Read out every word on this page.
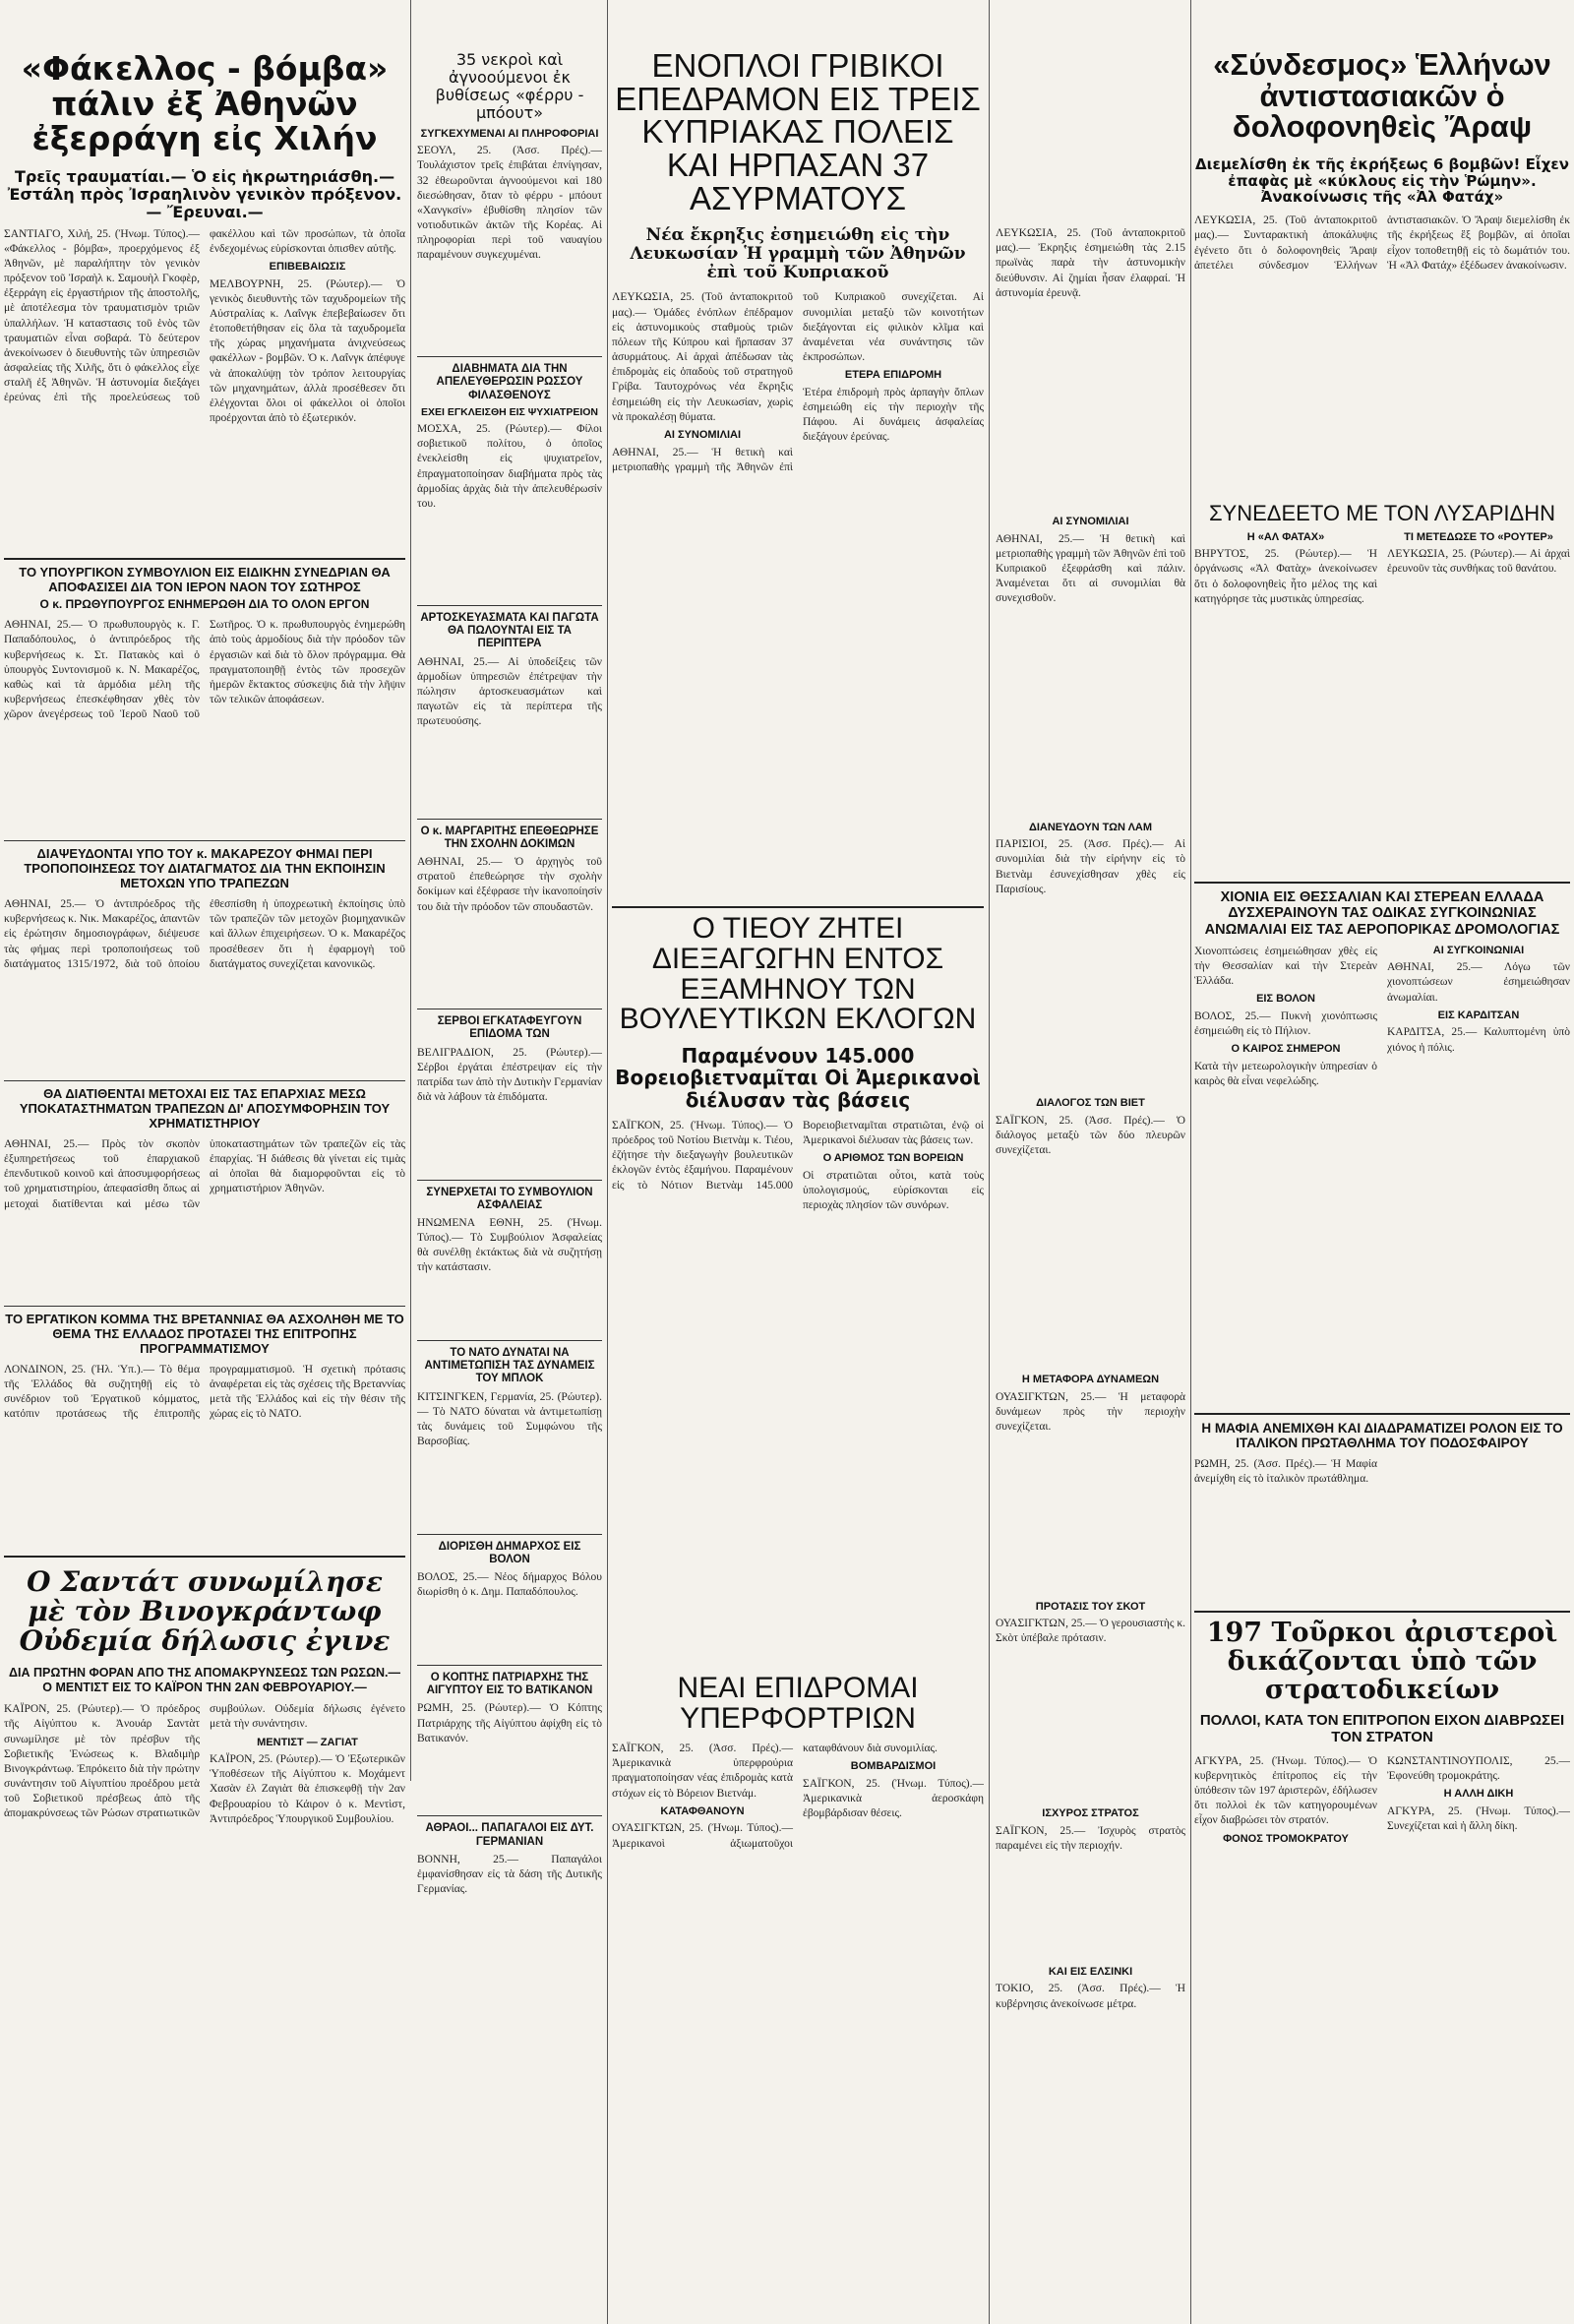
«Φάκελλος - βόμβα» πάλιν ἐξ Ἀθηνῶν ἐξερράγη εἰς Χιλήν

Τρεῖς τραυματίαι.— Ὁ εἰς ἡκρωτηριάσθη.— Ἐστάλη πρὸς Ἰσραηλινὸν γενικὸν πρόξενον.— Ἔρευναι.—

ΣΑΝΤΙΑΓΟ, Χιλή, 25. (Ἠνωμ. Τύπος).— «Φάκελλος - βόμβα», προερχόμενος ἐξ Ἀθηνῶν, μὲ παραλήπτην τὸν γενικὸν πρόξενον τοῦ Ἰσραὴλ κ. Σαμουὴλ Γκοφὲρ, ἐξερράγη εἰς ἐργαστήριον τῆς ἀποστολῆς, μὲ ἀποτέλεσμα τὸν τραυματισμὸν τριῶν ὑπαλλήλων. Ἡ καταστασις τοῦ ἑνὸς τῶν τραυματιῶν εἶναι σοβαρά. Τὸ δεύτερον ἀνεκοίνωσεν ὁ διευθυντὴς τῶν ὑπηρεσιῶν ἀσφαλείας τῆς Χιλῆς, ὅτι ὁ φάκελλος εἶχε σταλῆ ἐξ Ἀθηνῶν. Ἡ ἀστυνομία διεξάγει ἐρεύνας ἐπὶ τῆς προελεύσεως τοῦ φακέλλου καὶ τῶν προσώπων, τὰ ὁποῖα ἐνδεχομένως εὑρίσκονται ὀπισθεν αὐτῆς.

ΕΠΙΒΕΒΑΙΩΣΙΣ

ΜΕΛΒΟΥΡΝΗ, 25. (Ρώυτερ).— Ὁ γενικὸς διευθυντὴς τῶν ταχυδρομείων τῆς Αὐστραλίας κ. Λαΐνγκ ἐπεβεβαίωσεν ὅτι ἐτοποθετήθησαν εἰς ὅλα τὰ ταχυδρομεῖα τῆς χώρας μηχανήματα ἀνιχνεύσεως φακέλλων - βομβῶν. Ὁ κ. Λαΐνγκ ἀπέφυγε νὰ ἀποκαλύψῃ τὸν τρόπον λειτουργίας τῶν μηχανημάτων, ἀλλὰ προσέθεσεν ὅτι ἐλέγχονται ὅλοι οἱ φάκελλοι οἱ ὁποῖοι προέρχονται ἀπὸ τὸ ἐξωτερικόν.

ΤΟ ΥΠΟΥΡΓΙΚΟΝ ΣΥΜΒΟΥΛΙΟΝ ΕΙΣ ΕΙΔΙΚΗΝ ΣΥΝΕΔΡΙΑΝ ΘΑ ΑΠΟΦΑΣΙΣΕΙ ΔΙΑ ΤΟΝ ΙΕΡΟΝ ΝΑΟΝ ΤΟΥ ΣΩΤΗΡΟΣ

Ο κ. ΠΡΩΘΥΠΟΥΡΓΟΣ ΕΝΗΜΕΡΩΘΗ ΔΙΑ ΤΟ ΟΛΟΝ ΕΡΓΟΝ

ΑΘΗΝΑΙ, 25.— Ὁ πρωθυπουργὸς κ. Γ. Παπαδόπουλος, ὁ ἀντιπρόεδρος τῆς κυβερνήσεως κ. Στ. Πατακὸς καὶ ὁ ὑπουργὸς Συντονισμοῦ κ. Ν. Μακαρέζος, καθὼς καὶ τὰ ἁρμόδια μέλη τῆς κυβερνήσεως ἐπεσκέφθησαν χθὲς τὸν χῶρον ἀνεγέρσεως τοῦ Ἱεροῦ Ναοῦ τοῦ Σωτῆρος. Ὁ κ. πρωθυπουργὸς ἐνημερώθη ἀπὸ τοὺς ἁρμοδίους διὰ τὴν πρόοδον τῶν ἐργασιῶν καὶ διὰ τὸ ὅλον πρόγραμμα. Θὰ πραγματοποιηθῇ ἐντὸς τῶν προσεχῶν ἡμερῶν ἔκτακτος σύσκεψις διὰ τὴν λῆψιν τῶν τελικῶν ἀποφάσεων.

ΔΙΑΨΕΥΔΟΝΤΑΙ ΥΠΟ ΤΟΥ κ. ΜΑΚΑΡΕΖΟΥ ΦΗΜΑΙ ΠΕΡΙ ΤΡΟΠΟΠΟΙΗΣΕΩΣ ΤΟΥ ΔΙΑΤΑΓΜΑΤΟΣ ΔΙΑ ΤΗΝ ΕΚΠΟΙΗΣΙΝ ΜΕΤΟΧΩΝ ΥΠΟ ΤΡΑΠΕΖΩΝ

ΑΘΗΝΑΙ, 25.— Ὁ ἀντιπρόεδρος τῆς κυβερνήσεως κ. Νικ. Μακαρέζος, ἀπαντῶν εἰς ἐρώτησιν δημοσιογράφων, διέψευσε τὰς φήμας περὶ τροποποιήσεως τοῦ διατάγματος 1315/1972, διὰ τοῦ ὁποίου ἐθεσπίσθη ἡ ὑποχρεωτικὴ ἐκποίησις ὑπὸ τῶν τραπεζῶν τῶν μετοχῶν βιομηχανικῶν καὶ ἄλλων ἐπιχειρήσεων. Ὁ κ. Μακαρέζος προσέθεσεν ὅτι ἡ ἐφαρμογὴ τοῦ διατάγματος συνεχίζεται κανονικῶς.

ΘΑ ΔΙΑΤΙΘΕΝΤΑΙ ΜΕΤΟΧΑΙ ΕΙΣ ΤΑΣ ΕΠΑΡΧΙΑΣ ΜΕΣΩ ΥΠΟΚΑΤΑΣΤΗΜΑΤΩΝ ΤΡΑΠΕΖΩΝ ΔΙ' ΑΠΟΣΥΜΦΟΡΗΣΙΝ ΤΟΥ ΧΡΗΜΑΤΙΣΤΗΡΙΟΥ

ΑΘΗΝΑΙ, 25.— Πρὸς τὸν σκοπὸν ἐξυπηρετήσεως τοῦ ἐπαρχιακοῦ ἐπενδυτικοῦ κοινοῦ καὶ ἀποσυμφορήσεως τοῦ χρηματιστηρίου, ἀπεφασίσθη ὅπως αἱ μετοχαὶ διατίθενται καὶ μέσω τῶν ὑποκαταστημάτων τῶν τραπεζῶν εἰς τὰς ἐπαρχίας. Ἡ διάθεσις θὰ γίνεται εἰς τιμὰς αἱ ὁποῖαι θὰ διαμορφοῦνται εἰς τὸ χρηματιστήριον Ἀθηνῶν.

ΤΟ ΕΡΓΑΤΙΚΟΝ ΚΟΜΜΑ ΤΗΣ ΒΡΕΤΑΝΝΙΑΣ ΘΑ ΑΣΧΟΛΗΘΗ ΜΕ ΤΟ ΘΕΜΑ ΤΗΣ ΕΛΛΑΔΟΣ ΠΡΟΤΑΣΕΙ ΤΗΣ ΕΠΙΤΡΟΠΗΣ ΠΡΟΓΡΑΜΜΑΤΙΣΜΟΥ

ΛΟΝΔΙΝΟΝ, 25. (Ἠλ. Ὑπ.).— Τὸ θέμα τῆς Ἑλλάδος θὰ συζητηθῇ εἰς τὸ συνέδριον τοῦ Ἐργατικοῦ κόμματος, κατόπιν προτάσεως τῆς ἐπιτροπῆς προγραμματισμοῦ. Ἡ σχετικὴ πρότασις ἀναφέρεται εἰς τὰς σχέσεις τῆς Βρεταννίας μετὰ τῆς Ἑλλάδος καὶ εἰς τὴν θέσιν τῆς χώρας εἰς τὸ ΝΑΤΟ.

Ο Σαντάτ συνωμίλησε μὲ τὸν Βινογκράντωφ Οὐδεμία δήλωσις ἐγινε

ΔΙΑ ΠΡΩΤΗΝ ΦΟΡΑΝ ΑΠΟ ΤΗΣ ΑΠΟΜΑΚΡΥΝΣΕΩΣ ΤΩΝ ΡΩΣΩΝ.— Ο ΜΕΝΤΙΣΤ ΕΙΣ ΤΟ ΚΑΪΡΟΝ ΤΗΝ 2ΑΝ ΦΕΒΡΟΥΑΡΙΟΥ.—

ΚΑΪΡΟΝ, 25. (Ρώυτερ).— Ὁ πρόεδρος τῆς Αἰγύπτου κ. Ἀνουάρ Σαντὰτ συνωμίλησε μὲ τὸν πρέσβυν τῆς Σοβιετικῆς Ἑνώσεως κ. Βλαδιμὴρ Βινογκράντωφ. Ἐπρόκειτο διὰ τὴν πρώτην συνάντησιν τοῦ Αἰγυπτίου προέδρου μετὰ τοῦ Σοβιετικοῦ πρέσβεως ἀπὸ τῆς ἀπομακρύνσεως τῶν Ρώσων στρατιωτικῶν συμβούλων. Οὐδεμία δήλωσις ἐγένετο μετὰ τὴν συνάντησιν.

ΜΕΝΤΙΣΤ — ΖΑΓΙΑΤ

ΚΑΪΡΟΝ, 25. (Ρώυτερ).— Ὁ Ἐξωτερικῶν Ὑποθέσεων τῆς Αἰγύπτου κ. Μοχάμεντ Χασὰν ἐλ Ζαγιὰτ θὰ ἐπισκεφθῇ τὴν 2αν Φεβρουαρίου τὸ Κάιρον ὁ κ. Μεντὶστ, Ἀντιπρόεδρος Ὑπουργικοῦ Συμβουλίου.

35 νεκροὶ καὶ ἀγνοούμενοι ἐκ βυθίσεως «φέρρυ - μπόουτ»

ΣΥΓΚΕΧΥΜΕΝΑΙ ΑΙ ΠΛΗΡΟΦΟΡΙΑΙ

ΣΕΟΥΛ, 25. (Ἀσσ. Πρές).— Τουλάχιστον τρεῖς ἐπιβάται ἐπνίγησαν, 32 ἐθεωροῦνται ἀγνοούμενοι καὶ 180 διεσώθησαν, ὅταν τὸ φέρρυ - μπόουτ «Χανγκσίν» ἐβυθίσθη πλησίον τῶν νοτιοδυτικῶν ἀκτῶν τῆς Κορέας. Αἱ πληροφορίαι περὶ τοῦ ναυαγίου παραμένουν συγκεχυμέναι.

ΔΙΑΒΗΜΑΤΑ ΔΙΑ ΤΗΝ ΑΠΕΛΕΥΘΕΡΩΣΙΝ ΡΩΣΣΟΥ ΦΙΛΑΣΘΕΝΟΥΣ

ΕΧΕΙ ΕΓΚΛΕΙΣΘΗ ΕΙΣ ΨΥΧΙΑΤΡΕΙΟΝ

ΜΟΣΧΑ, 25. (Ρώυτερ).— Φίλοι σοβιετικοῦ πολίτου, ὁ ὁποῖος ἐνεκλείσθη εἰς ψυχιατρεῖον, ἐπραγματοποίησαν διαβήματα πρὸς τὰς ἁρμοδίας ἀρχὰς διὰ τὴν ἀπελευθέρωσίν του.

ΑΡΤΟΣΚΕΥΑΣΜΑΤΑ ΚΑΙ ΠΑΓΩΤΑ ΘΑ ΠΩΛΟΥΝΤΑΙ ΕΙΣ ΤΑ ΠΕΡΙΠΤΕΡΑ

ΑΘΗΝΑΙ, 25.— Αἱ ὑποδείξεις τῶν ἁρμοδίων ὑπηρεσιῶν ἐπέτρεψαν τὴν πώλησιν ἀρτοσκευασμάτων καὶ παγωτῶν εἰς τὰ περίπτερα τῆς πρωτευούσης.

Ο κ. ΜΑΡΓΑΡΙΤΗΣ ΕΠΕΘΕΩΡΗΣΕ ΤΗΝ ΣΧΟΛΗΝ ΔΟΚΙΜΩΝ

ΑΘΗΝΑΙ, 25.— Ὁ ἀρχηγὸς τοῦ στρατοῦ ἐπεθεώρησε τὴν σχολὴν δοκίμων καὶ ἐξέφρασε τὴν ἱκανοποίησίν του διὰ τὴν πρόοδον τῶν σπουδαστῶν.

ΣΕΡΒΟΙ ΕΓΚΑΤΑΦΕΥΓΟΥΝ ΕΠΙΔΟΜΑ ΤΩΝ

ΒΕΛΙΓΡΑΔΙΟΝ, 25. (Ρώυτερ).— Σέρβοι ἐργάται ἐπέστρεψαν εἰς τὴν πατρίδα των ἀπὸ τὴν Δυτικὴν Γερμανίαν διὰ νὰ λάβουν τὰ ἐπιδόματα.

ΣΥΝΕΡΧΕΤΑΙ ΤΟ ΣΥΜΒΟΥΛΙΟΝ ΑΣΦΑΛΕΙΑΣ

ΗΝΩΜΕΝΑ ΕΘΝΗ, 25. (Ἠνωμ. Τύπος).— Τὸ Συμβούλιον Ἀσφαλείας θὰ συνέλθῃ ἐκτάκτως διὰ νὰ συζητήσῃ τὴν κατάστασιν.

ΤΟ ΝΑΤΟ ΔΥΝΑΤΑΙ ΝΑ ΑΝΤΙΜΕΤΩΠΙΣΗ ΤΑΣ ΔΥΝΑΜΕΙΣ ΤΟΥ ΜΠΛΟΚ

ΚΙΤΣΙΝΓΚΕΝ, Γερμανία, 25. (Ρώυτερ).— Τὸ ΝΑΤΟ δύναται νὰ ἀντιμετωπίσῃ τὰς δυνάμεις τοῦ Συμφώνου τῆς Βαρσοβίας.

ΔΙΟΡΙΣΘΗ ΔΗΜΑΡΧΟΣ ΕΙΣ ΒΟΛΟΝ

ΒΟΛΟΣ, 25.— Νέος δήμαρχος Βόλου διωρίσθη ὁ κ. Δημ. Παπαδόπουλος.

Ο ΚΟΠΤΗΣ ΠΑΤΡΙΑΡΧΗΣ ΤΗΣ ΑΙΓΥΠΤΟΥ ΕΙΣ ΤΟ ΒΑΤΙΚΑΝΟΝ

ΡΩΜΗ, 25. (Ρώυτερ).— Ὁ Κόπτης Πατριάρχης τῆς Αἰγύπτου ἀφίχθη εἰς τὸ Βατικανόν.

ΑΘΡΑΟΙ... ΠΑΠΑΓΑΛΟΙ ΕΙΣ ΔΥΤ. ΓΕΡΜΑΝΙΑΝ

ΒΟΝΝΗ, 25.— Παπαγάλοι ἐμφανίσθησαν εἰς τὰ δάση τῆς Δυτικῆς Γερμανίας.

ΕΝΟΠΛΟΙ ΓΡΙΒΙΚΟΙ ΕΠΕΔΡΑΜΟΝ ΕΙΣ ΤΡΕΙΣ ΚΥΠΡΙΑΚΑΣ ΠΟΛΕΙΣ ΚΑΙ ΗΡΠΑΣΑΝ 37 ΑΣΥΡΜΑΤΟΥΣ

Νέα ἔκρηξις ἐσημειώθη εἰς τὴν Λευκωσίαν Ἡ γραμμὴ τῶν Ἀθηνῶν ἐπὶ τοῦ Κυπριακοῦ

ΛΕΥΚΩΣΙΑ, 25. (Τοῦ ἀνταποκριτοῦ μας).— Ὁμάδες ἐνόπλων ἐπέδραμον εἰς ἀστυνομικοὺς σταθμοὺς τριῶν πόλεων τῆς Κύπρου καὶ ἥρπασαν 37 ἀσυρμάτους. Αἱ ἀρχαὶ ἀπέδωσαν τὰς ἐπιδρομὰς εἰς ὀπαδοὺς τοῦ στρατηγοῦ Γρίβα. Ταυτοχρόνως νέα ἔκρηξις ἐσημειώθη εἰς τὴν Λευκωσίαν, χωρὶς νὰ προκαλέσῃ θύματα.

ΑΙ ΣΥΝΟΜΙΛΙΑΙ

ΑΘΗΝΑΙ, 25.— Ἡ θετικὴ καὶ μετριοπαθὴς γραμμὴ τῆς Ἀθηνῶν ἐπὶ τοῦ Κυπριακοῦ συνεχίζεται. Αἱ συνομιλίαι μεταξὺ τῶν κοινοτήτων διεξάγονται εἰς φιλικὸν κλῖμα καὶ ἀναμένεται νέα συνάντησις τῶν ἐκπροσώπων.

ΕΤΕΡΑ ΕΠΙΔΡΟΜΗ

Ἑτέρα ἐπιδρομὴ πρὸς ἁρπαγὴν ὅπλων ἐσημειώθη εἰς τὴν περιοχὴν τῆς Πάφου. Αἱ δυνάμεις ἀσφαλείας διεξάγουν ἐρεύνας.

Ο ΤΙΕΟΥ ΖΗΤΕΙ ΔΙΕΞΑΓΩΓΗΝ ΕΝΤΟΣ ΕΞΑΜΗΝΟΥ ΤΩΝ ΒΟΥΛΕΥΤΙΚΩΝ ΕΚΛΟΓΩΝ

Παραμένουν 145.000 Βορειοβιετναμῖται Οἱ Ἀμερικανοὶ διέλυσαν τὰς βάσεις

ΣΑΪΓΚΟΝ, 25. (Ἠνωμ. Τύπος).— Ὁ πρόεδρος τοῦ Νοτίου Βιετνὰμ κ. Τιέου, ἐζήτησε τὴν διεξαγωγὴν βουλευτικῶν ἐκλογῶν ἐντὸς ἑξαμήνου. Παραμένουν εἰς τὸ Νότιον Βιετνὰμ 145.000 Βορειοβιετναμῖται στρατιῶται, ἐνῷ οἱ Ἀμερικανοὶ διέλυσαν τὰς βάσεις των.

Ο ΑΡΙΘΜΟΣ ΤΩΝ ΒΟΡΕΙΩΝ

Οἱ στρατιῶται οὗτοι, κατὰ τοὺς ὑπολογισμούς, εὑρίσκονται εἰς περιοχὰς πλησίον τῶν συνόρων.

ΝΕΑΙ ΕΠΙΔΡΟΜΑΙ ΥΠΕΡΦΟΡΤΡΙΩΝ

ΣΑΪΓΚΟΝ, 25. (Ἀσσ. Πρές).— Ἀμερικανικὰ ὑπερφρούρια πραγματοποίησαν νέας ἐπιδρομὰς κατὰ στόχων εἰς τὸ Βόρειον Βιετνάμ.

ΚΑΤΑΦΘΑΝΟΥΝ

ΟΥΑΣΙΓΚΤΩΝ, 25. (Ἠνωμ. Τύπος).— Ἀμερικανοὶ ἀξιωματοῦχοι καταφθάνουν διὰ συνομιλίας.

ΒΟΜΒΑΡΔΙΣΜΟΙ

ΣΑΪΓΚΟΝ, 25. (Ἠνωμ. Τύπος).— Ἀμερικανικὰ ἀεροσκάφη ἐβομβάρδισαν θέσεις.

ΛΕΥΚΩΣΙΑ, 25. (Τοῦ ἀνταποκριτοῦ μας).— Ἐκρηξις ἐσημειώθη τὰς 2.15 πρωϊνὰς παρὰ τὴν ἀστυνομικὴν διεύθυνσιν. Αἱ ζημίαι ἦσαν ἐλαφραί. Ἡ ἀστυνομία ἐρευνᾷ.

ΑΙ ΣΥΝΟΜΙΛΙΑΙ

ΑΘΗΝΑΙ, 25.— Ἡ θετικὴ καὶ μετριοπαθὴς γραμμὴ τῶν Ἀθηνῶν ἐπὶ τοῦ Κυπριακοῦ ἐξεφράσθη καὶ πάλιν. Ἀναμένεται ὅτι αἱ συνομιλίαι θὰ συνεχισθοῦν.

ΔΙΑΝΕΥΔΟΥΝ ΤΩΝ ΛΑΜ

ΠΑΡΙΣΙΟΙ, 25. (Ἀσσ. Πρές).— Αἱ συνομιλίαι διὰ τὴν εἰρήνην εἰς τὸ Βιετνὰμ ἐσυνεχίσθησαν χθὲς εἰς Παρισίους.

ΔΙΑΛΟΓΟΣ ΤΩΝ ΒΙΕΤ

ΣΑΪΓΚΟΝ, 25. (Ἀσσ. Πρές).— Ὁ διάλογος μεταξὺ τῶν δύο πλευρῶν συνεχίζεται.

Η ΜΕΤΑΦΟΡΑ ΔΥΝΑΜΕΩΝ

ΟΥΑΣΙΓΚΤΩΝ, 25.— Ἡ μεταφορὰ δυνάμεων πρὸς τὴν περιοχὴν συνεχίζεται.

ΠΡΟΤΑΣΙΣ ΤΟΥ ΣΚΟΤ

ΟΥΑΣΙΓΚΤΩΝ, 25.— Ὁ γερουσιαστὴς κ. Σκὸτ ὑπέβαλε πρότασιν.

ΙΣΧΥΡΟΣ ΣΤΡΑΤΟΣ

ΣΑΪΓΚΟΝ, 25.— Ἰσχυρὸς στρατὸς παραμένει εἰς τὴν περιοχήν.

ΚΑΙ ΕΙΣ ΕΛΣΙΝΚΙ

ΤΟΚΙΟ, 25. (Ἀσσ. Πρές).— Ἡ κυβέρνησις ἀνεκοίνωσε μέτρα.

«Σύνδεσμος» Ἑλλήνων ἀντιστασιακῶν ὁ δολοφονηθεὶς Ἄραψ

Διεμελίσθη ἐκ τῆς ἐκρήξεως 6 βομβῶν! Εἶχεν ἐπαφὰς μὲ «κύκλους εἰς τὴν Ῥώμην». Ἀνακοίνωσις τῆς «Ἀλ Φατάχ»

ΛΕΥΚΩΣΙΑ, 25. (Τοῦ ἀνταποκριτοῦ μας).— Συνταρακτικὴ ἀποκάλυψις ἐγένετο ὅτι ὁ δολοφονηθεὶς Ἄραψ ἀπετέλει σύνδεσμον Ἑλλήνων ἀντιστασιακῶν. Ὁ Ἄραψ διεμελίσθη ἐκ τῆς ἐκρήξεως ἓξ βομβῶν, αἱ ὁποῖαι εἶχον τοποθετηθῇ εἰς τὸ δωμάτιόν του. Ἡ «Ἀλ Φατάχ» ἐξέδωσεν ἀνακοίνωσιν.

ΣΥΝΕΔΕΕΤΟ ΜΕ ΤΟΝ ΛΥΣΑΡΙΔΗΝ

Η «ΑΛ ΦΑΤΑΧ»

ΒΗΡΥΤΟΣ, 25. (Ρώυτερ).— Ἡ ὀργάνωσις «Ἀλ Φατὰχ» ἀνεκοίνωσεν ὅτι ὁ δολοφονηθεὶς ἦτο μέλος της καὶ κατηγόρησε τὰς μυστικὰς ὑπηρεσίας.

ΤΙ ΜΕΤΕΔΩΣΕ ΤΟ «ΡΟΥΤΕΡ»

ΛΕΥΚΩΣΙΑ, 25. (Ρώυτερ).— Αἱ ἀρχαὶ ἐρευνοῦν τὰς συνθήκας τοῦ θανάτου.

ΧΙΟΝΙΑ ΕΙΣ ΘΕΣΣΑΛΙΑΝ ΚΑΙ ΣΤΕΡΕΑΝ ΕΛΛΑΔΑ ΔΥΣΧΕΡΑΙΝΟΥΝ ΤΑΣ ΟΔΙΚΑΣ ΣΥΓΚΟΙΝΩΝΙΑΣ ΑΝΩΜΑΛΙΑΙ ΕΙΣ ΤΑΣ ΑΕΡΟΠΟΡΙΚΑΣ ΔΡΟΜΟΛΟΓΙΑΣ

Χιονοπτώσεις ἐσημειώθησαν χθὲς εἰς τὴν Θεσσαλίαν καὶ τὴν Στερεὰν Ἑλλάδα.

ΕΙΣ ΒΟΛΟΝ

ΒΟΛΟΣ, 25.— Πυκνὴ χιονόπτωσις ἐσημειώθη εἰς τὸ Πήλιον.

Ο ΚΑΙΡΟΣ ΣΗΜΕΡΟΝ

Κατὰ τὴν μετεωρολογικὴν ὑπηρεσίαν ὁ καιρὸς θὰ εἶναι νεφελώδης.

ΑΙ ΣΥΓΚΟΙΝΩΝΙΑΙ

ΑΘΗΝΑΙ, 25.— Λόγω τῶν χιονοπτώσεων ἐσημειώθησαν ἀνωμαλίαι.

ΕΙΣ ΚΑΡΔΙΤΣΑΝ

ΚΑΡΔΙΤΣΑ, 25.— Καλυπτομένη ὑπὸ χιόνος ἡ πόλις.

Η ΜΑΦΙΑ ΑΝΕΜΙΧΘΗ ΚΑΙ ΔΙΑΔΡΑΜΑΤΙΖΕΙ ΡΟΛΟΝ ΕΙΣ ΤΟ ΙΤΑΛΙΚΟΝ ΠΡΩΤΑΘΛΗΜΑ ΤΟΥ ΠΟΔΟΣΦΑΙΡΟΥ

ΡΩΜΗ, 25. (Ἀσσ. Πρές).— Ἡ Μαφία ἀνεμίχθη εἰς τὸ ἰταλικὸν πρωτάθλημα.

197 Τοῦρκοι ἀριστεροὶ δικάζονται ὑπὸ τῶν στρατοδικείων

ΠΟΛΛΟΙ, ΚΑΤΑ ΤΟΝ ΕΠΙΤΡΟΠΟΝ ΕΙΧΟΝ ΔΙΑΒΡΩΣΕΙ ΤΟΝ ΣΤΡΑΤΟΝ

ΑΓΚΥΡΑ, 25. (Ἠνωμ. Τύπος).— Ὁ κυβερνητικὸς ἐπίτροπος εἰς τὴν ὑπόθεσιν τῶν 197 ἀριστερῶν, ἐδήλωσεν ὅτι πολλοὶ ἐκ τῶν κατηγορουμένων εἶχον διαβρώσει τὸν στρατόν.

ΦΟΝΟΣ ΤΡΟΜΟΚΡΑΤΟΥ

ΚΩΝΣΤΑΝΤΙΝΟΥΠΟΛΙΣ, 25.— Ἐφονεύθη τρομοκράτης.

Η ΑΛΛΗ ΔΙΚΗ

ΑΓΚΥΡΑ, 25. (Ἠνωμ. Τύπος).— Συνεχίζεται καὶ ἡ ἄλλη δίκη.
